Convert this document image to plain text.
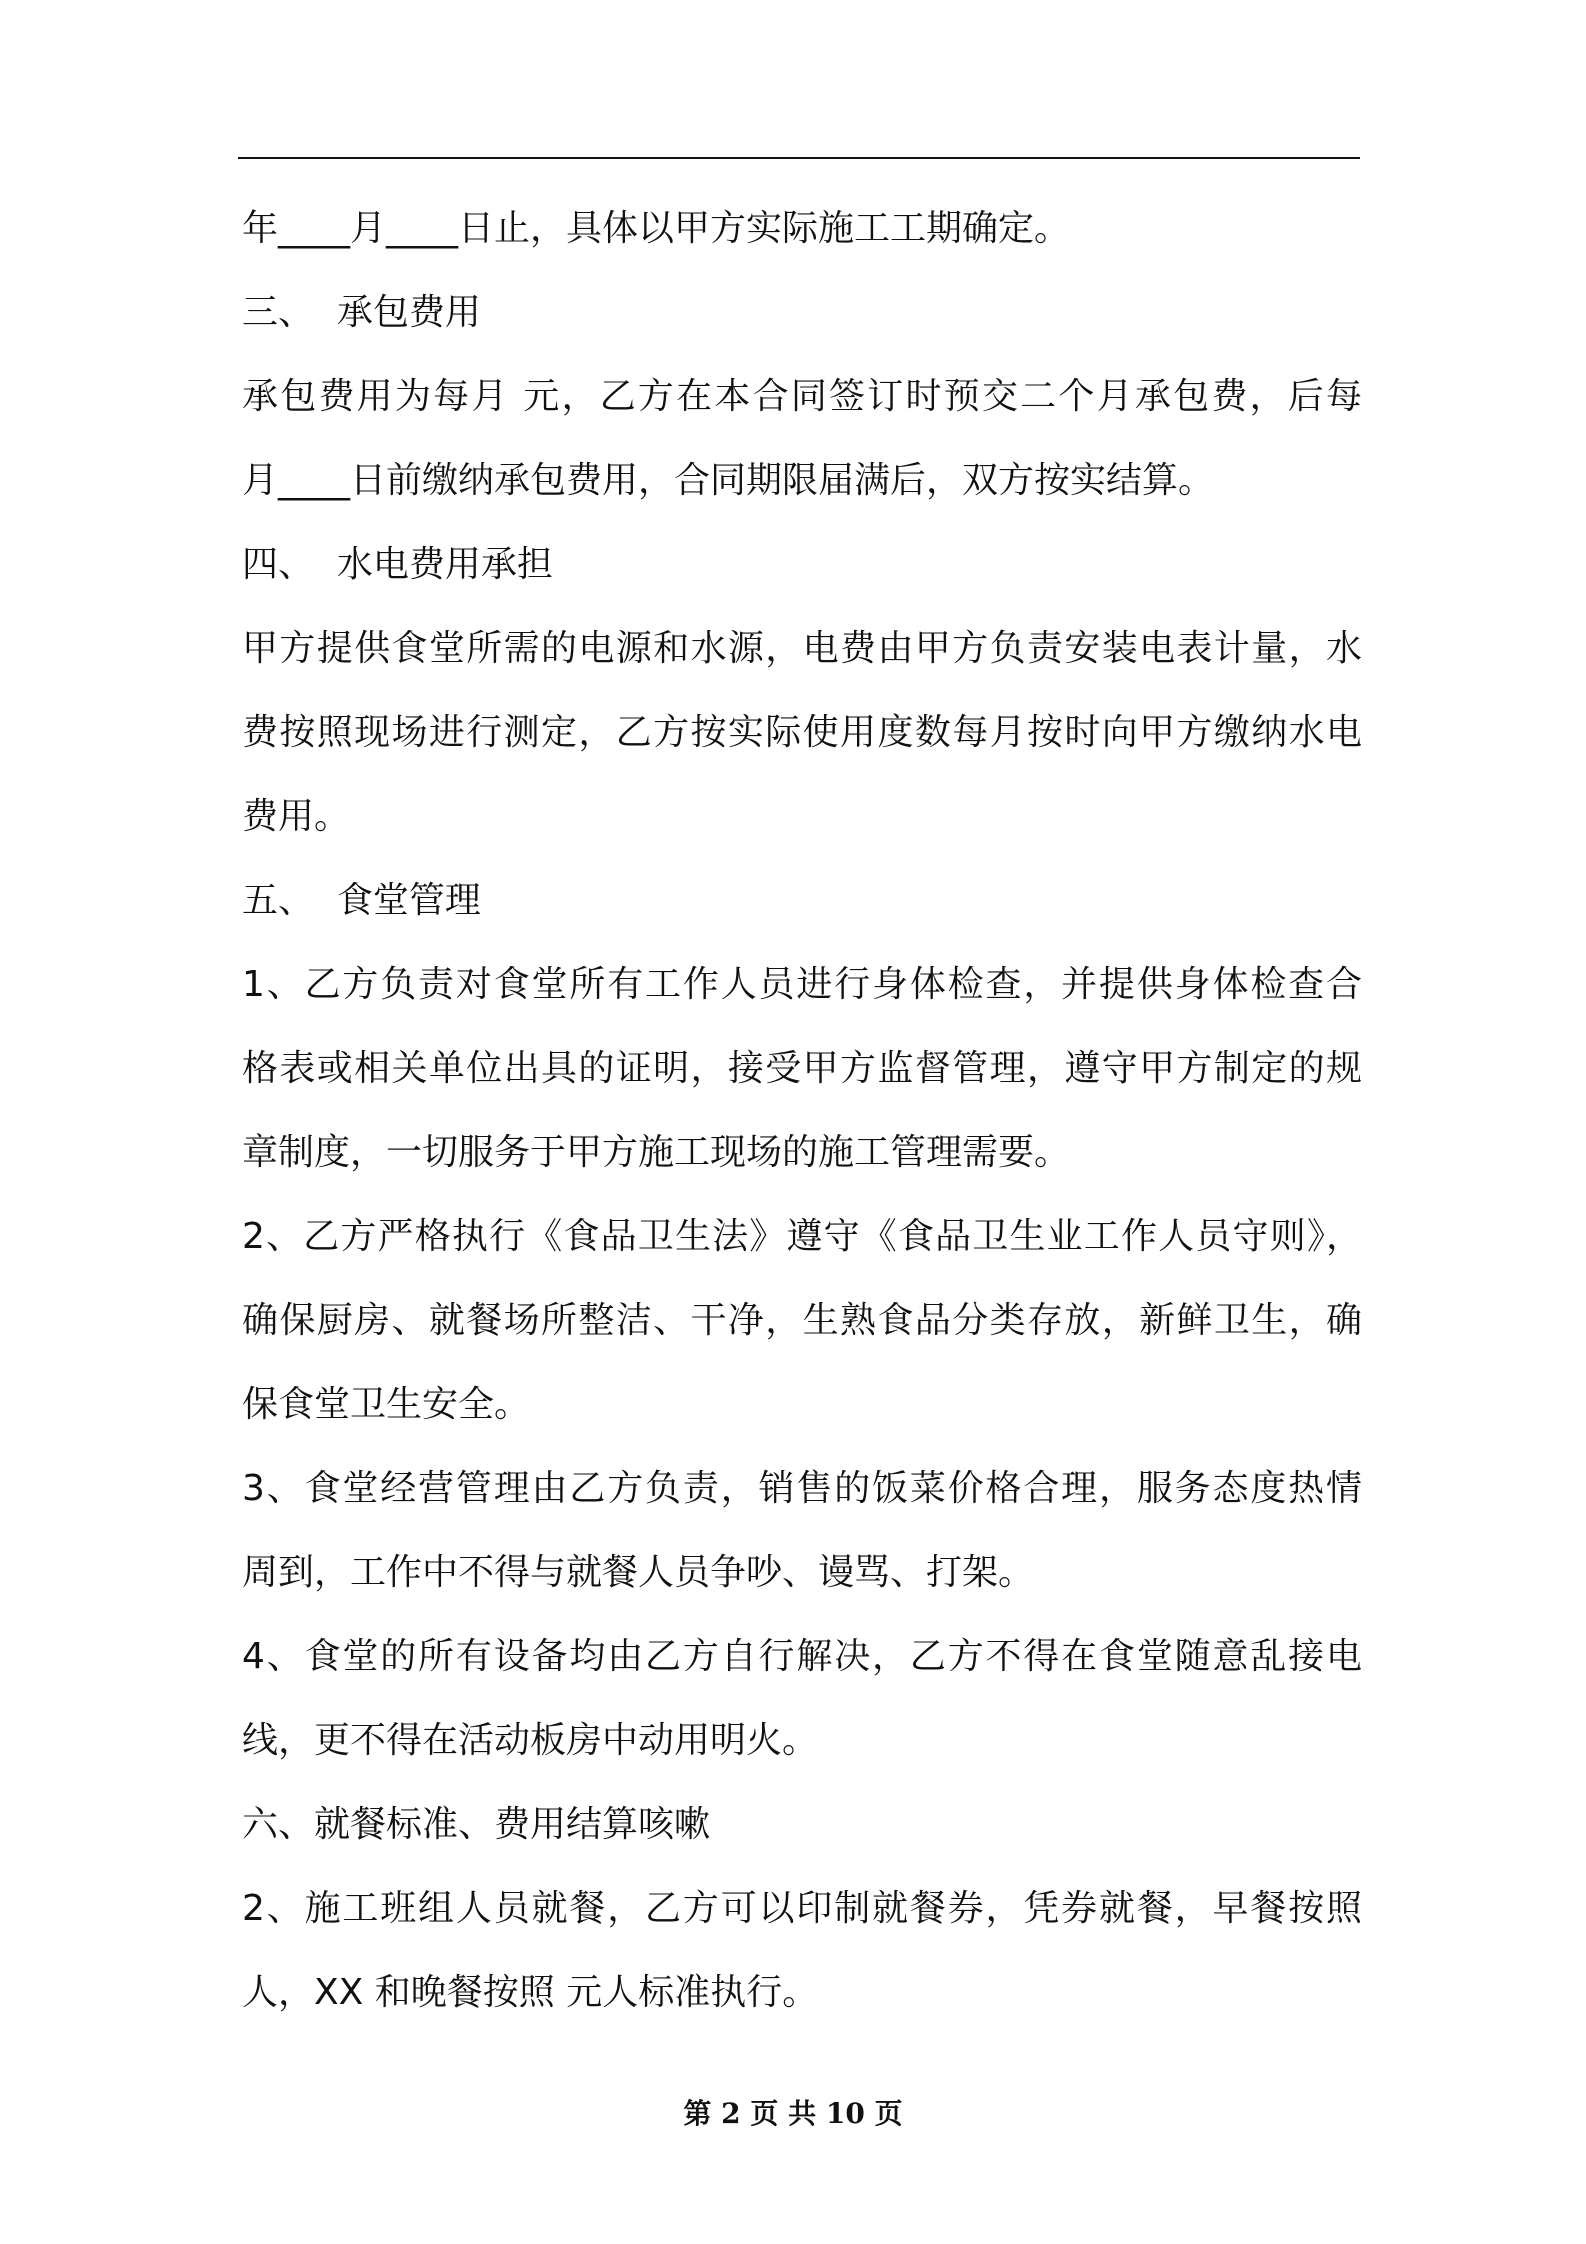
年____月____日止，具体以甲方实际施工工期确定。
三、  承包费用
承包费用为每月 元，乙方在本合同签订时预交二个月承包费，后每
月____日前缴纳承包费用，合同期限届满后，双方按实结算。
四、  水电费用承担
甲方提供食堂所需的电源和水源，电费由甲方负责安装电表计量，水
费按照现场进行测定，乙方按实际使用度数每月按时向甲方缴纳水电
费用。
五、  食堂管理
1、乙方负责对食堂所有工作人员进行身体检查，并提供身体检查合
格表或相关单位出具的证明，接受甲方监督管理，遵守甲方制定的规
章制度，一切服务于甲方施工现场的施工管理需要。
2、乙方严格执行《食品卫生法》遵守《食品卫生业工作人员守则》，
确保厨房、就餐场所整洁、干净，生熟食品分类存放，新鲜卫生，确
保食堂卫生安全。
3、食堂经营管理由乙方负责，销售的饭菜价格合理，服务态度热情
周到，工作中不得与就餐人员争吵、谩骂、打架。
4、食堂的所有设备均由乙方自行解决，乙方不得在食堂随意乱接电
线，更不得在活动板房中动用明火。
六、就餐标准、费用结算咳嗽
2、施工班组人员就餐，乙方可以印制就餐券，凭券就餐，早餐按照
人，XX 和晚餐按照 元人标准执行。
第 2 页 共 10 页
